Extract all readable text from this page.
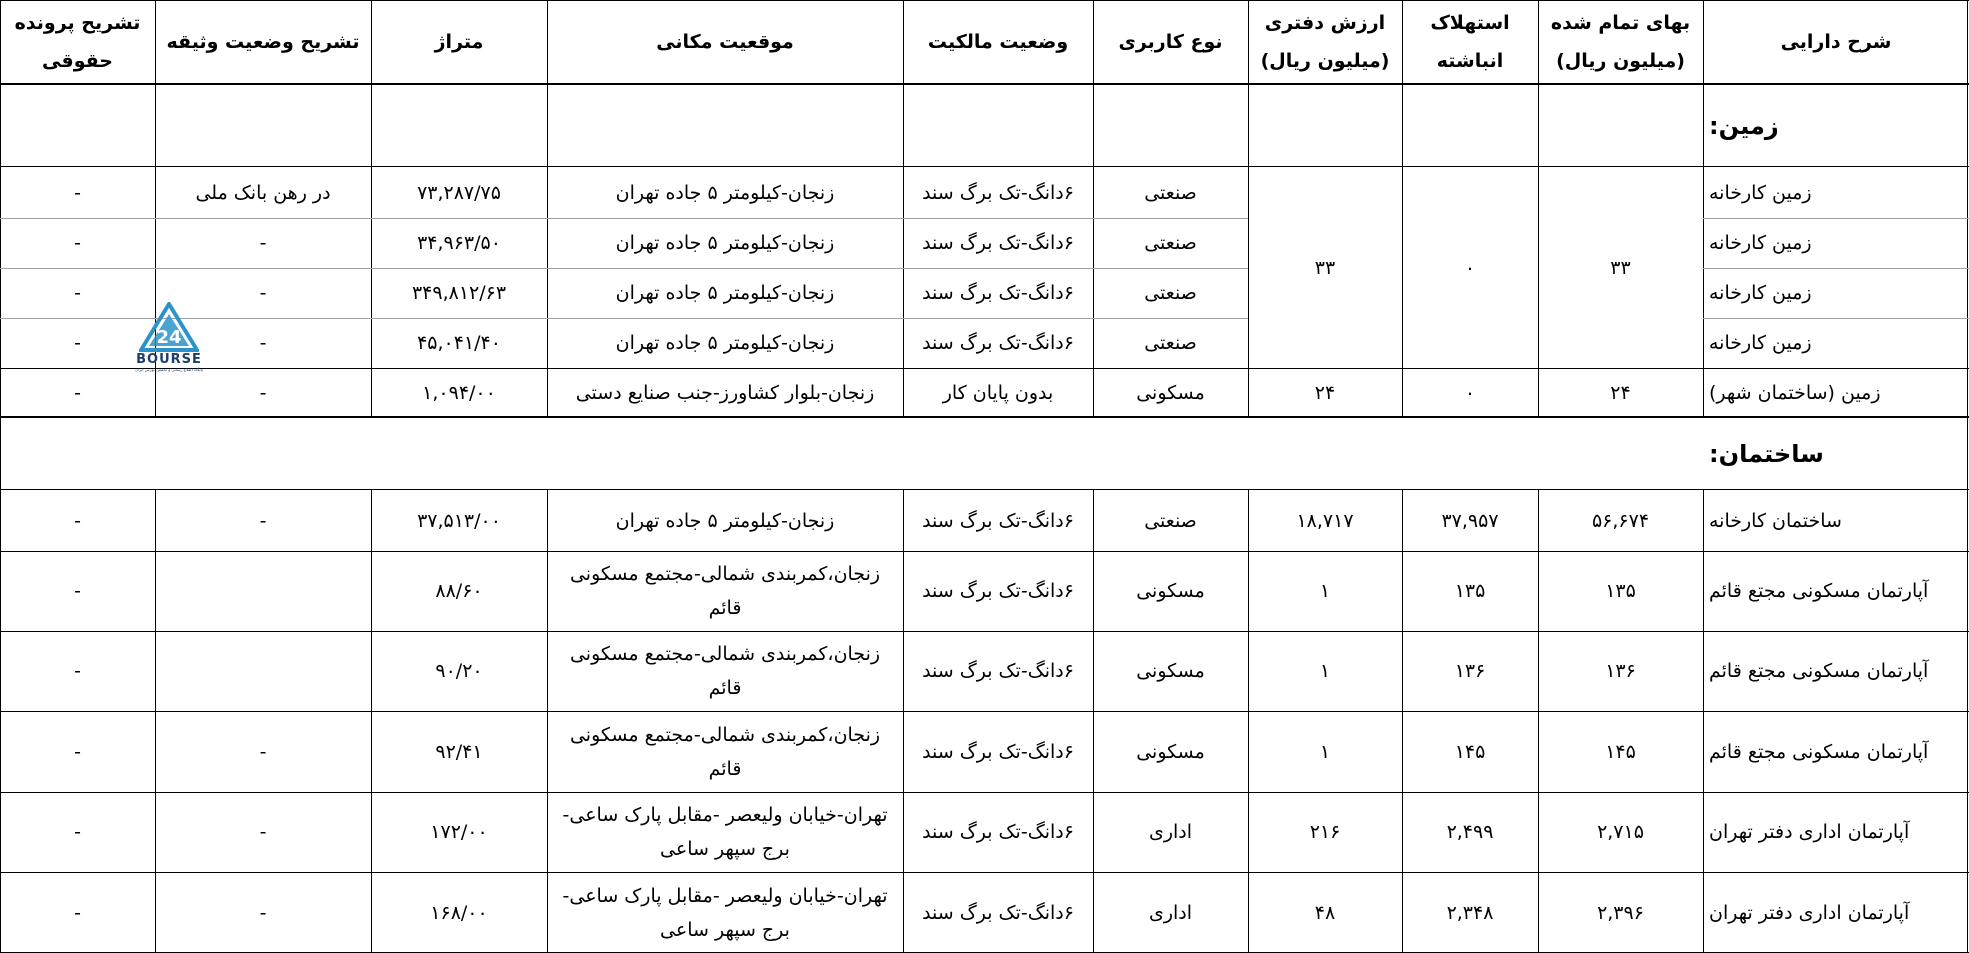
شرح دارایی
بهای تمام شده
(میلیون ریال)
استهلاک
انباشته
ارزش دفتری
(میلیون ریال)
نوع کاربری
وضعیت مالکیت
موقعیت مکانی
متراژ
تشریح وضعیت وثیقه
تشریح پرونده
حقوقی
زمین:
زمین کارخانه
صنعتی
۶دانگ-تک برگ سند
زنجان-کیلومتر ۵ جاده تهران
۷۳,۲۸۷/۷۵
در رهن بانک ملی
-
زمین کارخانه
صنعتی
۶دانگ-تک برگ سند
زنجان-کیلومتر ۵ جاده تهران
۳۴,۹۶۳/۵۰
-
-
زمین کارخانه
صنعتی
۶دانگ-تک برگ سند
زنجان-کیلومتر ۵ جاده تهران
۳۴۹,۸۱۲/۶۳
-
-
زمین کارخانه
صنعتی
۶دانگ-تک برگ سند
زنجان-کیلومتر ۵ جاده تهران
۴۵,۰۴۱/۴۰
-
-
۳۳
۰
۳۳
زمین (ساختمان شهر)
۲۴
۰
۲۴
مسکونی
بدون پایان کار
زنجان-بلوار کشاورز-جنب صنایع دستی
۱,۰۹۴/۰۰
-
-
ساختمان:
ساختمان کارخانه
۵۶,۶۷۴
۳۷,۹۵۷
۱۸,۷۱۷
صنعتی
۶دانگ-تک برگ سند
۳۷,۵۱۳/۰۰
-
-	زنجان-کیلومتر ۵ جاده تهران
آپارتمان مسکونی مجتع قائم
۱۳۵
۱۳۵
۱
مسکونی
۶دانگ-تک برگ سند
۸۸/۶۰
-
زنجان،کمربندی شمالی-مجتمع مسکونی
قائم
آپارتمان مسکونی مجتع قائم
۱۳۶
۱۳۶
۱
مسکونی
۶دانگ-تک برگ سند
۹۰/۲۰
-
زنجان،کمربندی شمالی-مجتمع مسکونی
قائم
آپارتمان مسکونی مجتع قائم
۱۴۵
۱۴۵
۱
مسکونی
۶دانگ-تک برگ سند
۹۲/۴۱
-
-
زنجان،کمربندی شمالی-مجتمع مسکونی
قائم
آپارتمان اداری دفتر تهران
۲,۷۱۵
۲,۴۹۹
۲۱۶
اداری
۶دانگ-تک برگ سند
۱۷۲/۰۰
-
-
تهران-خیابان ولیعصر -مقابل پارک ساعی-
برج سپهر ساعی
آپارتمان اداری دفتر تهران
۲,۳۹۶
۲,۳۴۸
۴۸
اداری
۶دانگ-تک برگ سند
۱۶۸/۰۰
-
-
تهران-خیابان ولیعصر -مقابل پارک ساعی-
برج سپهر ساعی
24
BOURSE
پایگاه اطلاع رسانی و تحلیلی بورس ایران
